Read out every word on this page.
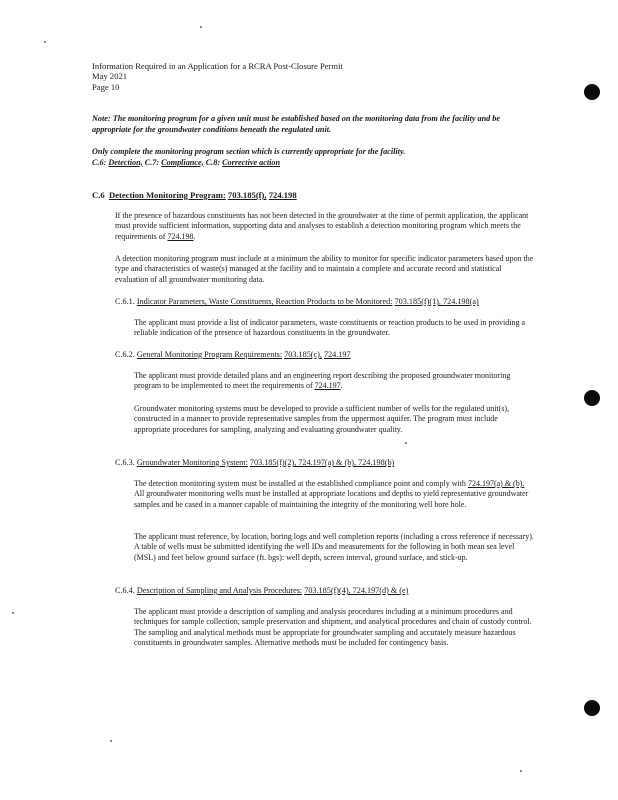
Information Required in an Application for a RCRA Post-Closure Permit
May 2021
Page 10

Note: The monitoring program for a given unit must be established based on the monitoring data from the facility and be appropriate for the groundwater conditions beneath the regulated unit.

Only complete the monitoring program section which is currently appropriate for the facility.
C.6: Detection, C.7: Compliance, C.8: Corrective action
C.6 Detection Monitoring Program: 703.185(f), 724.198

If the presence of hazardous constituents has not been detected in the groundwater at the time of permit application, the applicant must provide sufficient information, supporting data and analyses to establish a detection monitoring program which meets the requirements of 724.198.

A detection monitoring program must include at a minimum the ability to monitor for specific indicator parameters based upon the type and characteristics of waste(s) managed at the facility and to maintain a complete and accurate record and statistical evaluation of all groundwater monitoring data.

C.6.1. Indicator Parameters, Waste Constituents, Reaction Products to be Monitored: 703.185(f)(1), 724.198(a)

The applicant must provide a list of indicator parameters, waste constituents or reaction products to be used in providing a reliable indication of the presence of hazardous constituents in the groundwater.

C.6.2. General Monitoring Program Requirements: 703.185(c), 724.197

The applicant must provide detailed plans and an engineering report describing the proposed groundwater monitoring program to be implemented to meet the requirements of 724.197.

Groundwater monitoring systems must be developed to provide a sufficient number of wells for the regulated unit(s), constructed in a manner to provide representative samples from the uppermost aquifer. The program must include appropriate procedures for sampling, analyzing and evaluating groundwater quality.

C.6.3. Groundwater Monitoring System: 703.185(f)(2), 724.197(a) & (b), 724.198(b)

The detection monitoring system must be installed at the established compliance point and comply with 724.197(a) & (b). All groundwater monitoring wells must be installed at appropriate locations and depths to yield representative groundwater samples and be cased in a manner capable of maintaining the integrity of the monitoring well bore hole.

The applicant must reference, by location, boring logs and well completion reports (including a cross reference if necessary). A table of wells must be submitted identifying the well IDs and measurements for the following in both mean sea level (MSL) and feet below ground surface (ft. bgs): well depth, screen interval, ground surface, and stick-up.

C.6.4. Description of Sampling and Analysis Procedures: 703.185(f)(4), 724.197(d) & (e)

The applicant must provide a description of sampling and analysis procedures including at a minimum procedures and techniques for sample collection, sample preservation and shipment, and analytical procedures and chain of custody control. The sampling and analytical methods must be appropriate for groundwater sampling and accurately measure hazardous constituents in groundwater samples. Alternative methods must be included for contingency basis.
